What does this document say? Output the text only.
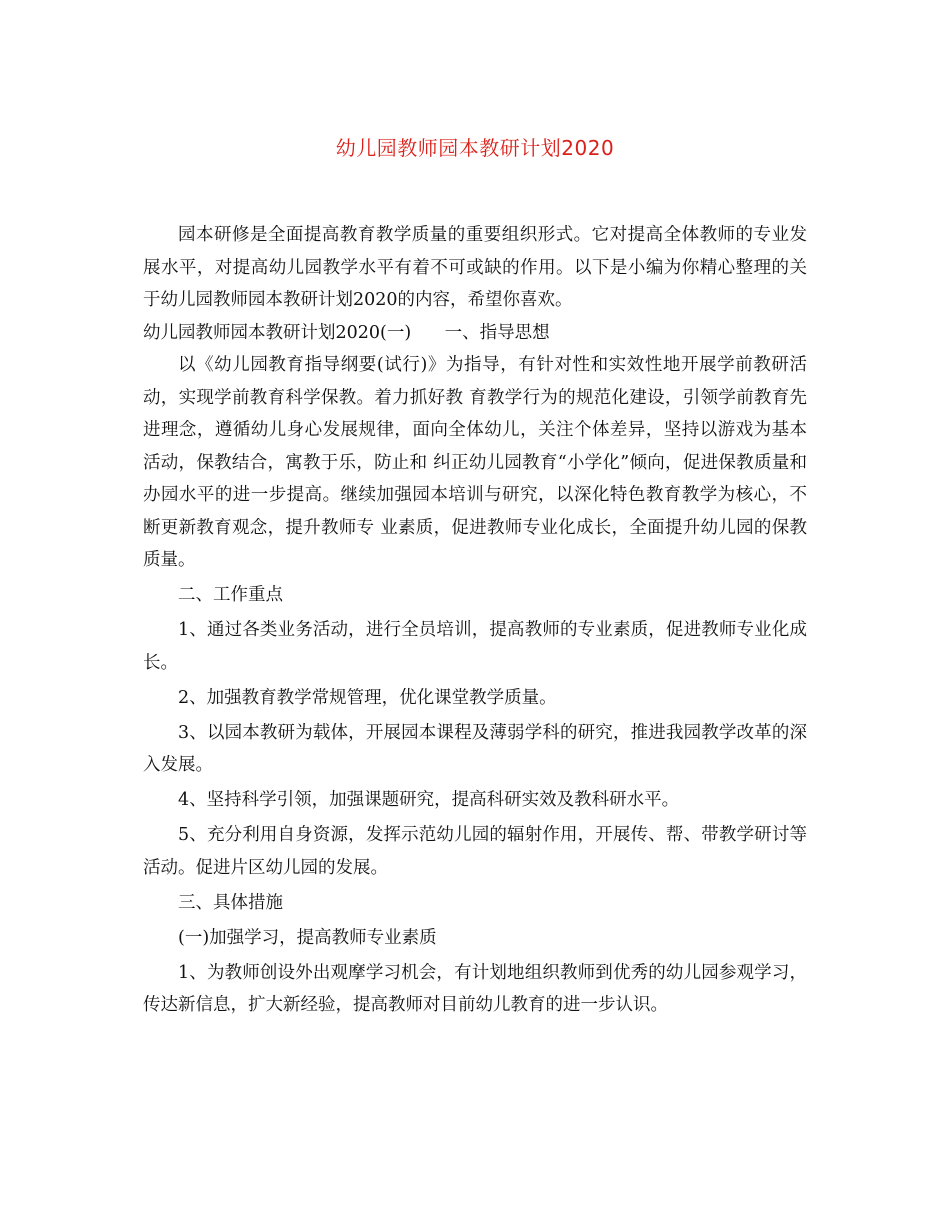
幼儿园教师园本教研计划2020

园本研修是全面提高教育教学质量的重要组织形式。它对提高全体教师的专业发展水平，对提高幼儿园教学水平有着不可或缺的作用。以下是小编为你精心整理的关于幼儿园教师园本教研计划2020的内容，希望你喜欢。

幼儿园教师园本教研计划2020(一)      一、指导思想

以《幼儿园教育指导纲要(试行)》为指导，有针对性和实效性地开展学前教研活动，实现学前教育科学保教。着力抓好教 育教学行为的规范化建设，引领学前教育先进理念，遵循幼儿身心发展规律，面向全体幼儿，关注个体差异，坚持以游戏为基本活动，保教结合，寓教于乐，防止和 纠正幼儿园教育“小学化”倾向，促进保教质量和办园水平的进一步提高。继续加强园本培训与研究，以深化特色教育教学为核心，不断更新教育观念，提升教师专 业素质，促进教师专业化成长，全面提升幼儿园的保教质量。

二、工作重点

1、通过各类业务活动，进行全员培训，提高教师的专业素质，促进教师专业化成长。

2、加强教育教学常规管理，优化课堂教学质量。

3、以园本教研为载体，开展园本课程及薄弱学科的研究，推进我园教学改革的深入发展。

4、坚持科学引领，加强课题研究，提高科研实效及教科研水平。

5、充分利用自身资源，发挥示范幼儿园的辐射作用，开展传、帮、带教学研讨等活动。促进片区幼儿园的发展。

三、具体措施

(一)加强学习，提高教师专业素质

1、为教师创设外出观摩学习机会，有计划地组织教师到优秀的幼儿园参观学习，传达新信息，扩大新经验，提高教师对目前幼儿教育的进一步认识。
